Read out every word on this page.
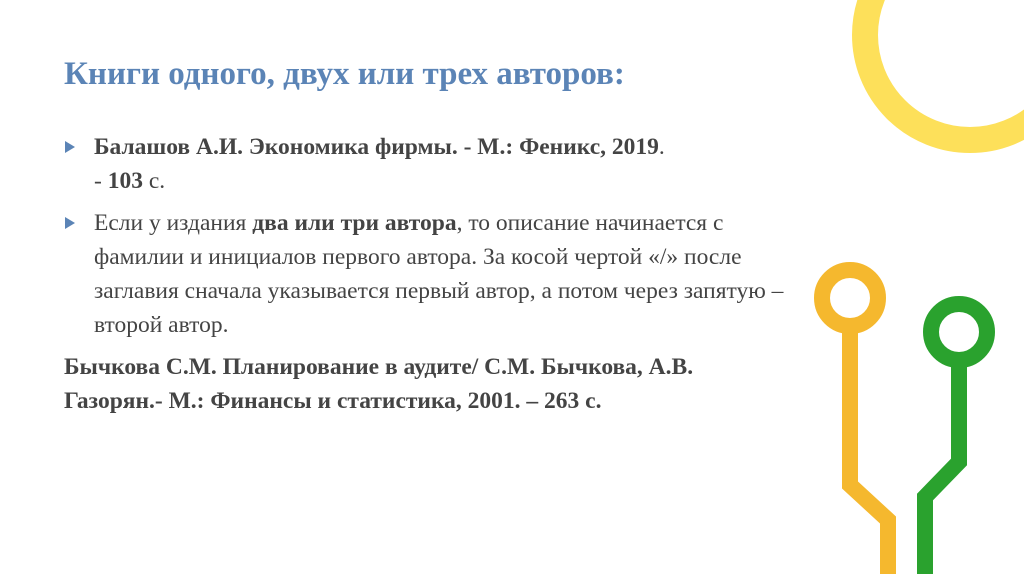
Книги одного, двух или трех авторов:
Балашов А.И. Экономика фирмы. - М.: Феникс, 2019.
- 103 с.
Если у издания два или три автора, то описание начинается с фамилии и инициалов первого автора. За косой чертой «/» после заглавия сначала указывается первый автор, а потом через запятую – второй автор.
Бычкова С.М. Планирование в аудите/ С.М. Бычкова, А.В. Газорян.- М.: Финансы и статистика, 2001. – 263 с.
